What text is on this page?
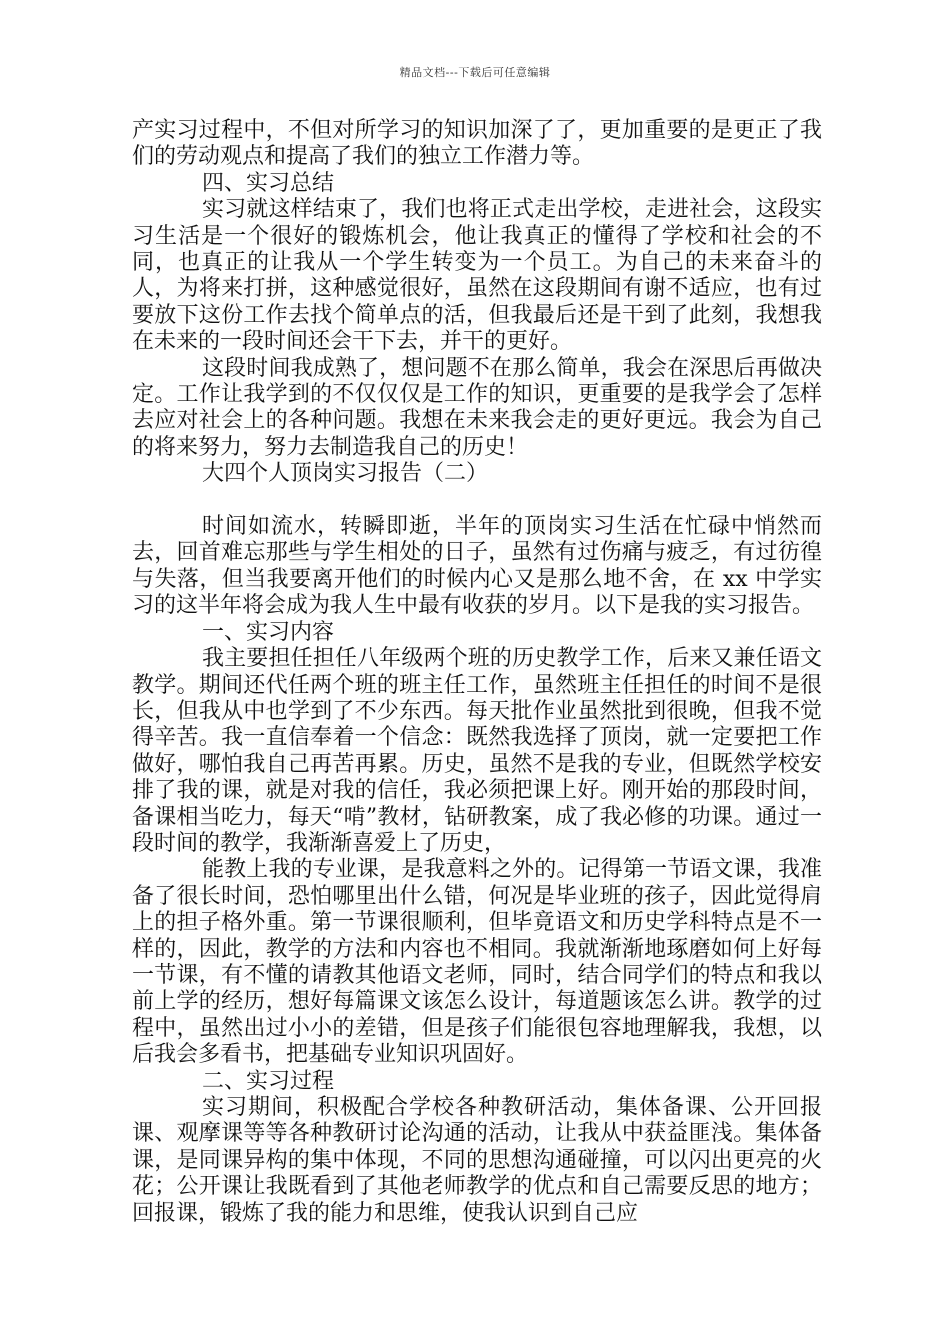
精品文档---下载后可任意编辑

产实习过程中，不但对所学习的知识加深了了，更加重要的是更正了我们的劳动观点和提高了我们的独立工作潜力等。

四、实习总结

实习就这样结束了，我们也将正式走出学校，走进社会，这段实习生活是一个很好的锻炼机会，他让我真正的懂得了学校和社会的不同，也真正的让我从一个学生转变为一个员工。为自己的未来奋斗的人，为将来打拼，这种感觉很好，虽然在这段期间有谢不适应，也有过要放下这份工作去找个简单点的活，但我最后还是干到了此刻，我想我在未来的一段时间还会干下去，并干的更好。

这段时间我成熟了，想问题不在那么简单，我会在深思后再做决定。工作让我学到的不仅仅仅是工作的知识，更重要的是我学会了怎样去应对社会上的各种问题。我想在未来我会走的更好更远。我会为自己的将来努力，努力去制造我自己的历史！

大四个人顶岗实习报告（二）

时间如流水，转瞬即逝，半年的顶岗实习生活在忙碌中悄然而去，回首难忘那些与学生相处的日子，虽然有过伤痛与疲乏，有过彷徨与失落，但当我要离开他们的时候内心又是那么地不舍，在 xx 中学实习的这半年将会成为我人生中最有收获的岁月。以下是我的实习报告。

一、实习内容

我主要担任担任八年级两个班的历史教学工作，后来又兼任语文教学。期间还代任两个班的班主任工作，虽然班主任担任的时间不是很长，但我从中也学到了不少东西。每天批作业虽然批到很晚，但我不觉得辛苦。我一直信奉着一个信念：既然我选择了顶岗，就一定要把工作做好，哪怕我自己再苦再累。历史，虽然不是我的专业，但既然学校安排了我的课，就是对我的信任，我必须把课上好。刚开始的那段时间，备课相当吃力，每天“啃”教材，钻研教案，成了我必修的功课。通过一段时间的教学，我渐渐喜爱上了历史，

能教上我的专业课，是我意料之外的。记得第一节语文课，我准备了很长时间，恐怕哪里出什么错，何况是毕业班的孩子，因此觉得肩上的担子格外重。第一节课很顺利，但毕竟语文和历史学科特点是不一样的，因此，教学的方法和内容也不相同。我就渐渐地琢磨如何上好每一节课，有不懂的请教其他语文老师，同时，结合同学们的特点和我以前上学的经历，想好每篇课文该怎么设计，每道题该怎么讲。教学的过程中，虽然出过小小的差错，但是孩子们能很包容地理解我，我想，以后我会多看书，把基础专业知识巩固好。

二、实习过程

实习期间，积极配合学校各种教研活动，集体备课、公开回报课、观摩课等等各种教研讨论沟通的活动，让我从中获益匪浅。集体备课，是同课异构的集中体现，不同的思想沟通碰撞，可以闪出更亮的火花；公开课让我既看到了其他老师教学的优点和自己需要反思的地方；回报课，锻炼了我的能力和思维，使我认识到自己应
